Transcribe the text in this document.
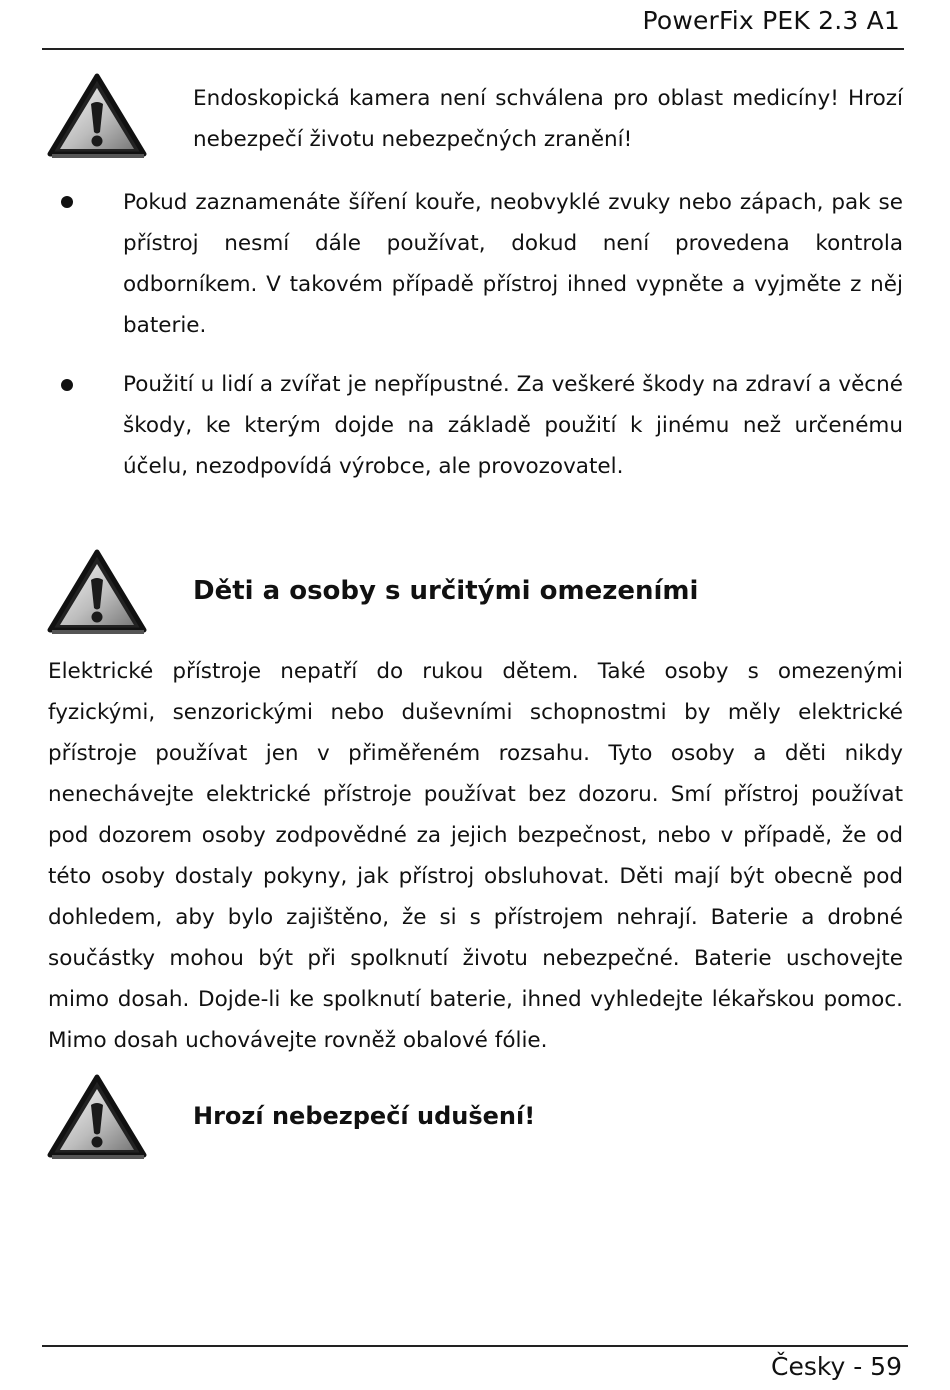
PowerFix PEK 2.3 A1

Endoskopická kamera není schválena pro oblast medicíny! Hrozí nebezpečí životu nebezpečných zranění!

Pokud zaznamenáte šíření kouře, neobvyklé zvuky nebo zápach, pak se přístroj nesmí dále používat, dokud není provedena kontrola odborníkem. V takovém případě přístroj ihned vypněte a vyjměte z něj baterie.

Použití u lidí a zvířat je nepřípustné. Za veškeré škody na zdraví a věcné škody, ke kterým dojde na základě použití k jinému než určenému účelu, nezodpovídá výrobce, ale provozovatel.

Děti a osoby s určitými omezeními

Elektrické přístroje nepatří do rukou dětem. Také osoby s omezenými fyzickými, senzorickými nebo duševními schopnostmi by měly elektrické přístroje používat jen v přiměřeném rozsahu. Tyto osoby a děti nikdy nenechávejte elektrické přístroje používat bez dozoru. Smí přístroj používat pod dozorem osoby zodpovědné za jejich bezpečnost, nebo v případě, že od této osoby dostaly pokyny, jak přístroj obsluhovat. Děti mají být obecně pod dohledem, aby bylo zajištěno, že si s přístrojem nehrají. Baterie a drobné součástky mohou být při spolknutí životu nebezpečné. Baterie uschovejte mimo dosah. Dojde-li ke spolknutí baterie, ihned vyhledejte lékařskou pomoc. Mimo dosah uchovávejte rovněž obalové fólie.

Hrozí nebezpečí udušení!
Česky - 59
